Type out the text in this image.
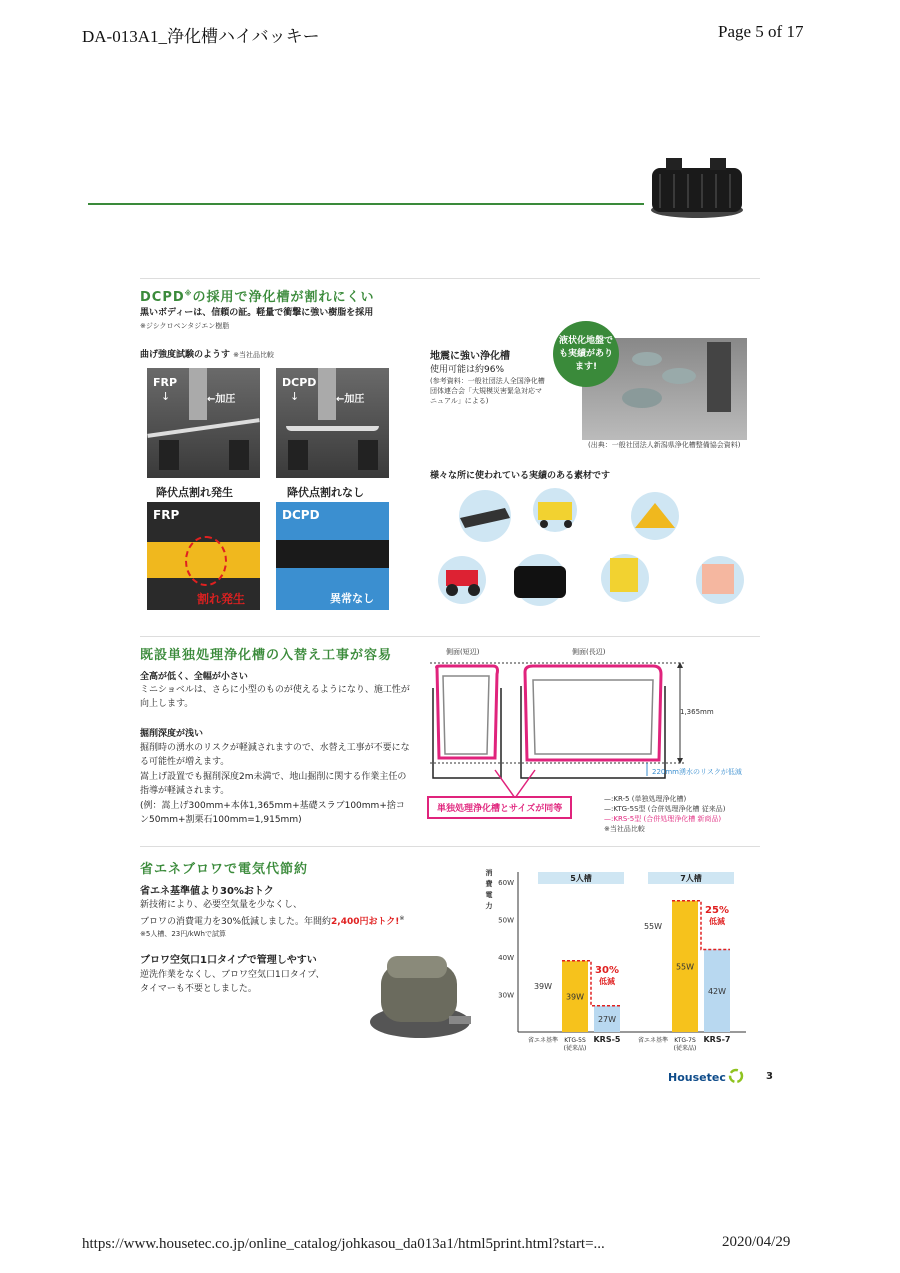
DA-013A1_浄化槽ハイバッキー	Page 5 of 17
DCPD※の採用で浄化槽が割れにくい
黒いボディーは、信頼の証。軽量で衝撃に強い樹脂を採用
※ジシクロペンタジエン樹脂
曲げ強度試験のようす ※当社品比較
FRP
↓	←加圧
DCPD
↓	←加圧
降伏点割れ発生	降伏点割れなし
FRP
割れ発生
DCPD
異常なし
地震に強い浄化槽
使用可能は約96%
(参考資料：一般社団法人全国浄化槽団体連合会「大規模災害緊急対応マニュアル」による)
液状化地盤でも実績があります!
(出典：一般社団法人新潟県浄化槽整備協会資料)
様々な所に使われている実績のある素材です
既設単独処理浄化槽の入替え工事が容易
全高が低く、全幅が小さい
ミニショベルは、さらに小型のものが使えるようになり、施工性が向上します。
掘削深度が浅い
掘削時の湧水のリスクが軽減されますので、水替え工事が不要になる可能性が増えます。
嵩上げ設置でも掘削深度2m未満で、地山掘削に関する作業主任の指導が軽減されます。
(例：嵩上げ300mm+本体1,365mm+基礎スラブ100mm+捨コン50mm+割栗石100mm=1,915mm)
側面(短辺)	側面(長辺)
1,365mm
220mm湧水のリスクが低減
単独処理浄化槽とサイズが同等
—:KR-5 (単独処理浄化槽)
—:KTG-5S型 (合併処理浄化槽 従来品)
—:KRS-5型 (合併処理浄化槽 新商品)
※当社品比較
省エネブロワで電気代節約
省エネ基準値より30%おトク
新技術により、必要空気量を少なくし、
ブロワの消費電力を30%低減しました。年間約2,400円おトク!※
※5人槽、23円/kWhで試算
ブロワ空気口1口タイプで管理しやすい
逆洗作業をなくし、ブロワ空気口1口タイプ、
タイマーも不要としました。
消費電力
60W
50W
40W
30W
5人槽
39W
省エネ基準
39W
KTG-5S
(従来品)
27W
KRS-5
30%
低減
7人槽
55W
省エネ基準
55W
KTG-7S
(従来品)
42W
KRS-7
25%
低減
Housetec	3
https://www.housetec.co.jp/online_catalog/johkasou_da013a1/html5print.html?start=...	2020/04/29
